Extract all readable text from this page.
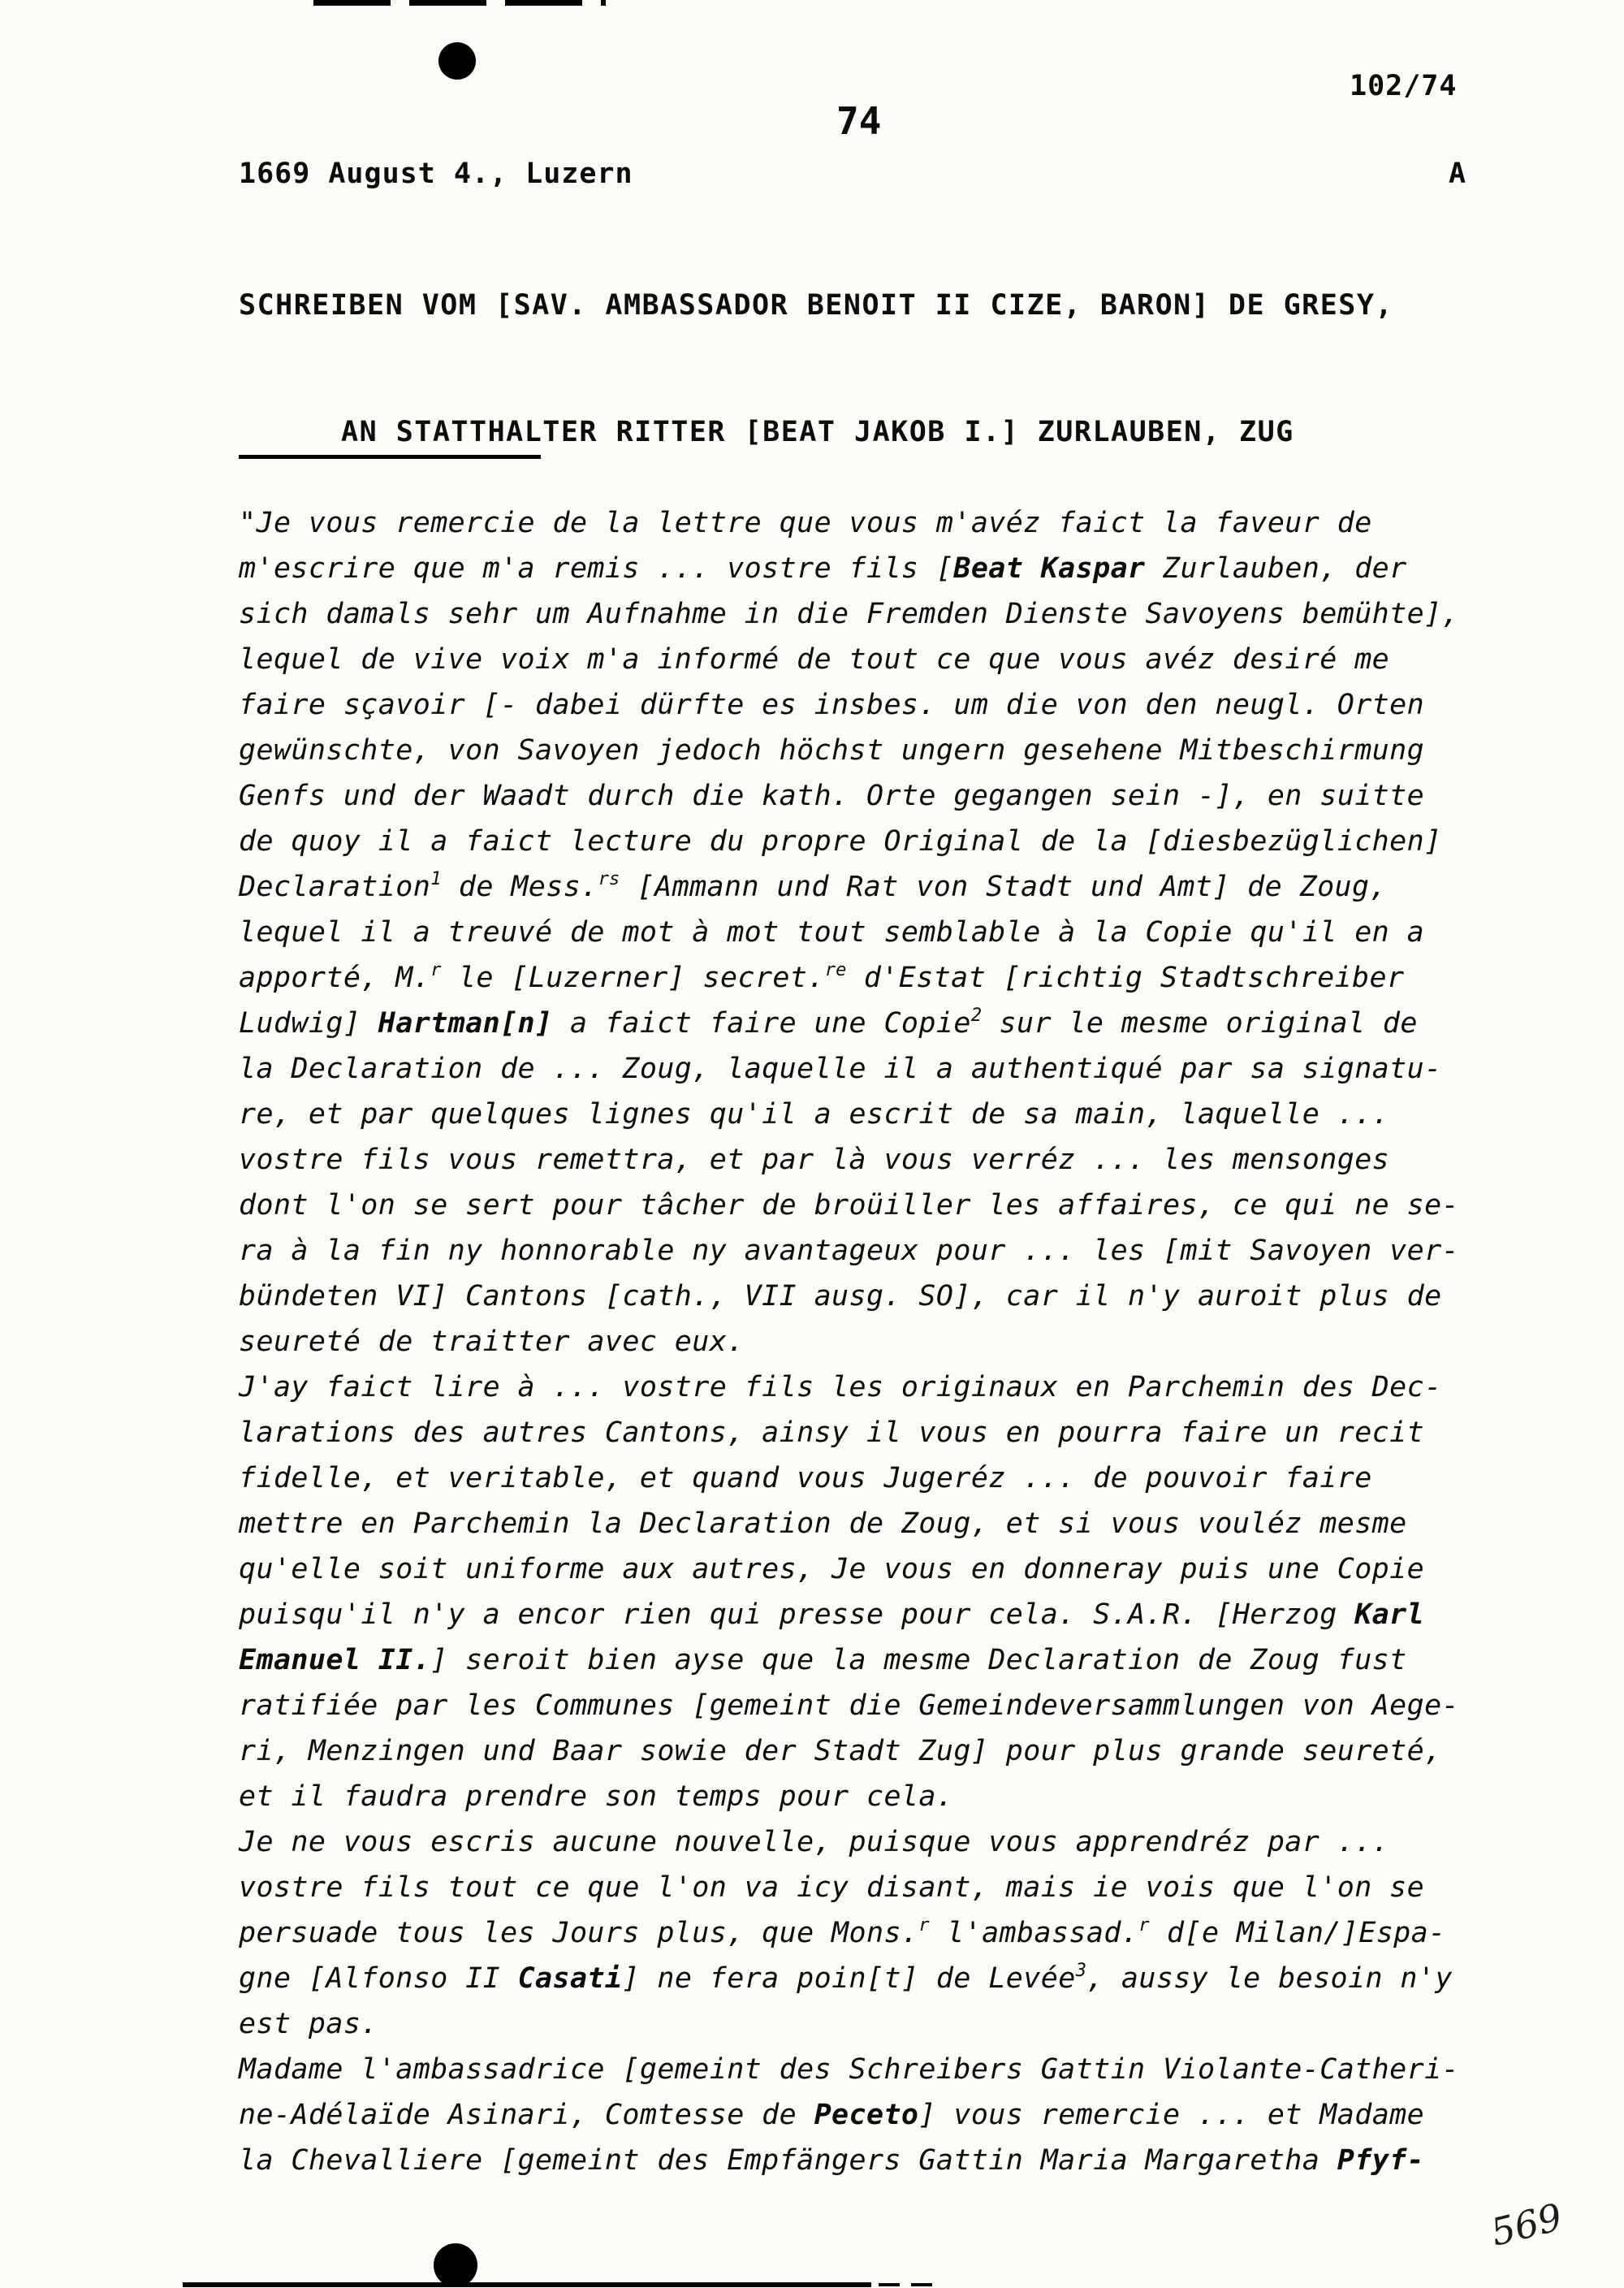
102/74
74
1669 August 4., Luzern	A

SCHREIBEN VOM [SAV. AMBASSADOR BENOIT II CIZE, BARON] DE GRESY,

AN STATTHALTER RITTER [BEAT JAKOB I.] ZURLAUBEN, ZUG

"Je vous remercie de la lettre que vous m'avéz faict la faveur de
m'escrire que m'a remis ... vostre fils [Beat Kaspar Zurlauben, der
sich damals sehr um Aufnahme in die Fremden Dienste Savoyens bemühte],
lequel de vive voix m'a informé de tout ce que vous avéz desiré me
faire sçavoir [- dabei dürfte es insbes. um die von den neugl. Orten
gewünschte, von Savoyen jedoch höchst ungern gesehene Mitbeschirmung
Genfs und der Waadt durch die kath. Orte gegangen sein -], en suitte
de quoy il a faict lecture du propre Original de la [diesbezüglichen]
Declaration$^1$ de Mess.$^{rs}$ [Ammann und Rat von Stadt und Amt] de Zoug,
lequel il a treuvé de mot à mot tout semblable à la Copie qu'il en a
apporté, M.$^r$ le [Luzerner] secret.$^{re}$ d'Estat [richtig Stadtschreiber
Ludwig] Hartman[n] a faict faire une Copie$^2$ sur le mesme original de
la Declaration de ... Zoug, laquelle il a authentiqué par sa signatu-
re, et par quelques lignes qu'il a escrit de sa main, laquelle ...
vostre fils vous remettra, et par là vous verréz ... les mensonges
dont l'on se sert pour tâcher de broüiller les affaires, ce qui ne se-
ra à la fin ny honnorable ny avantageux pour ... les [mit Savoyen ver-
bündeten VI] Cantons [cath., VII ausg. SO], car il n'y auroit plus de
seureté de traitter avec eux.
J'ay faict lire à ... vostre fils les originaux en Parchemin des Dec-
larations des autres Cantons, ainsy il vous en pourra faire un recit
fidelle, et veritable, et quand vous Jugeréz ... de pouvoir faire
mettre en Parchemin la Declaration de Zoug, et si vous vouléz mesme
qu'elle soit uniforme aux autres, Je vous en donneray puis une Copie
puisqu'il n'y a encor rien qui presse pour cela. S.A.R. [Herzog Karl
Emanuel II.] seroit bien ayse que la mesme Declaration de Zoug fust
ratifiée par les Communes [gemeint die Gemeindeversammlungen von Aege-
ri, Menzingen und Baar sowie der Stadt Zug] pour plus grande seureté,
et il faudra prendre son temps pour cela.
Je ne vous escris aucune nouvelle, puisque vous apprendréz par ...
vostre fils tout ce que l'on va icy disant, mais ie vois que l'on se
persuade tous les Jours plus, que Mons.$^r$ l'ambassad.$^r$ d[e Milan/]Espa-
gne [Alfonso II Casati] ne fera poin[t] de Levée$^3$, aussy le besoin n'y
est pas.
Madame l'ambassadrice [gemeint des Schreibers Gattin Violante-Catheri-
ne-Adélaïde Asinari, Comtesse de Peceto] vous remercie ... et Madame
la Chevalliere [gemeint des Empfängers Gattin Maria Margaretha Pfyf-
569
